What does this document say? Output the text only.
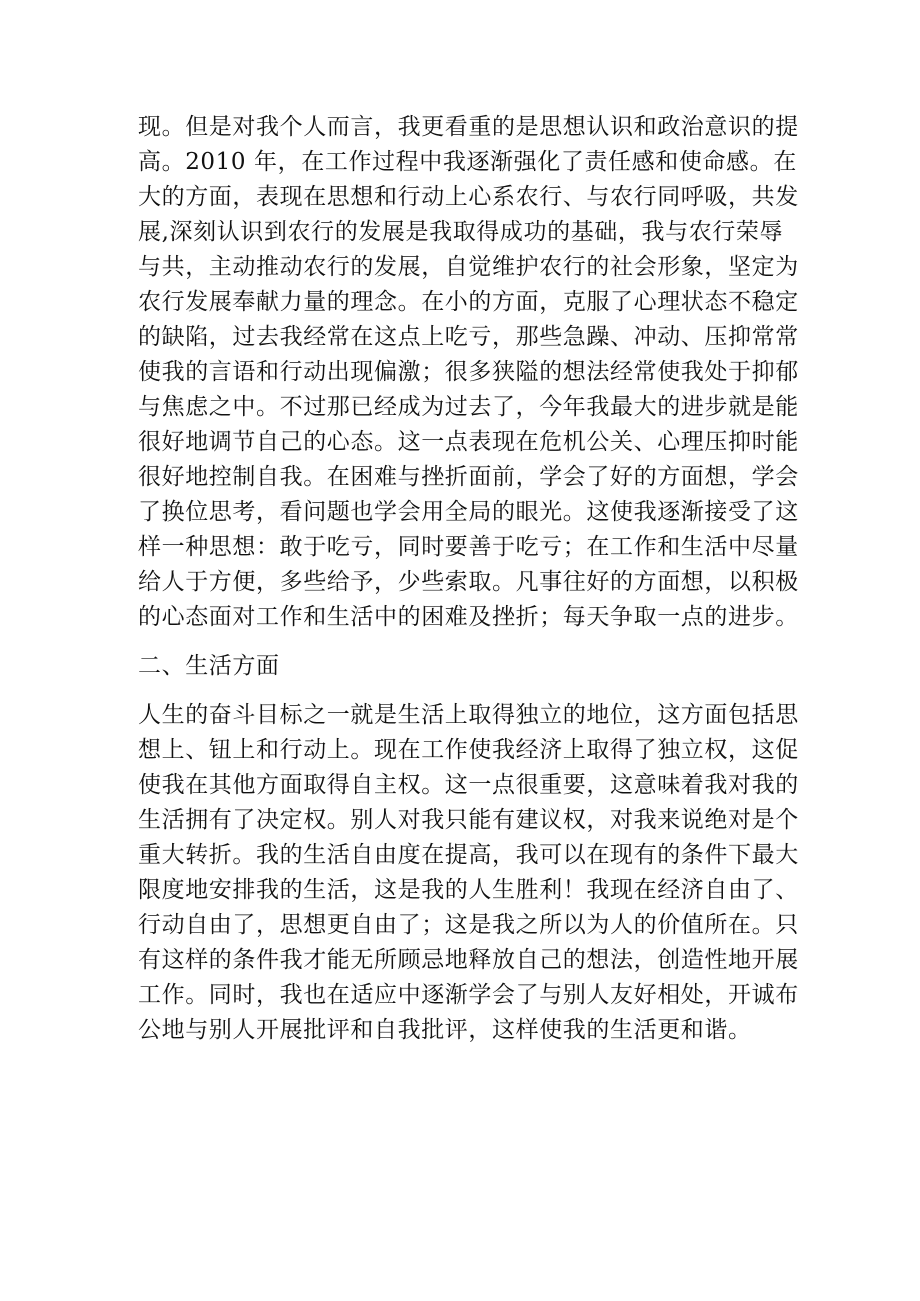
现。但是对我个人而言，我更看重的是思想认识和政治意识的提
高。2010 年，在工作过程中我逐渐强化了责任感和使命感。在
大的方面，表现在思想和行动上心系农行、与农行同呼吸，共发
展,深刻认识到农行的发展是我取得成功的基础，我与农行荣辱
与共，主动推动农行的发展，自觉维护农行的社会形象，坚定为
农行发展奉献力量的理念。在小的方面，克服了心理状态不稳定
的缺陷，过去我经常在这点上吃亏，那些急躁、冲动、压抑常常
使我的言语和行动出现偏激；很多狭隘的想法经常使我处于抑郁
与焦虑之中。不过那已经成为过去了，今年我最大的进步就是能
很好地调节自己的心态。这一点表现在危机公关、心理压抑时能
很好地控制自我。在困难与挫折面前，学会了好的方面想，学会
了换位思考，看问题也学会用全局的眼光。这使我逐渐接受了这
样一种思想：敢于吃亏，同时要善于吃亏；在工作和生活中尽量
给人于方便，多些给予，少些索取。凡事往好的方面想，以积极
的心态面对工作和生活中的困难及挫折；每天争取一点的进步。
二、生活方面
人生的奋斗目标之一就是生活上取得独立的地位，这方面包括思
想上、钮上和行动上。现在工作使我经济上取得了独立权，这促
使我在其他方面取得自主权。这一点很重要，这意味着我对我的
生活拥有了决定权。别人对我只能有建议权，对我来说绝对是个
重大转折。我的生活自由度在提高，我可以在现有的条件下最大
限度地安排我的生活，这是我的人生胜利！我现在经济自由了、
行动自由了，思想更自由了；这是我之所以为人的价值所在。只
有这样的条件我才能无所顾忌地释放自己的想法，创造性地开展
工作。同时，我也在适应中逐渐学会了与别人友好相处，开诚布
公地与别人开展批评和自我批评，这样使我的生活更和谐。
